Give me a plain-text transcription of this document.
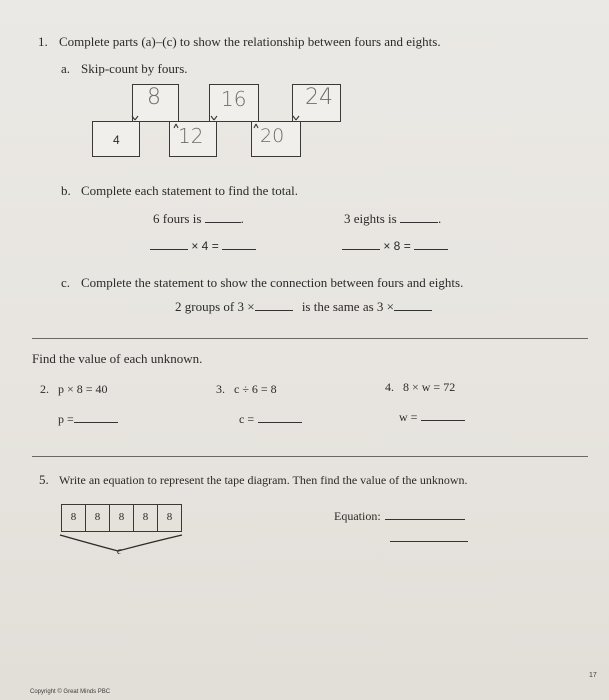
1. Complete parts (a)–(c) to show the relationship between fours and eights.
a. Skip-count by fours.
4
8
12
16
20
24
b. Complete each statement to find the total.
6 fours is	.	3 eights is	.
× 4 =	× 8 =
c. Complete the statement to show the connection between fours and eights.
2 groups of 3 ×	is the same as 3 ×
Find the value of each unknown.
2. p × 8 = 40	3. c ÷ 6 = 8	4. 8 × w = 72
p =	c =	w =
5. Write an equation to represent the tape diagram. Then find the value of the unknown.
8	8	8	8	8
c
Equation:
Copyright © Great Minds PBC
17
